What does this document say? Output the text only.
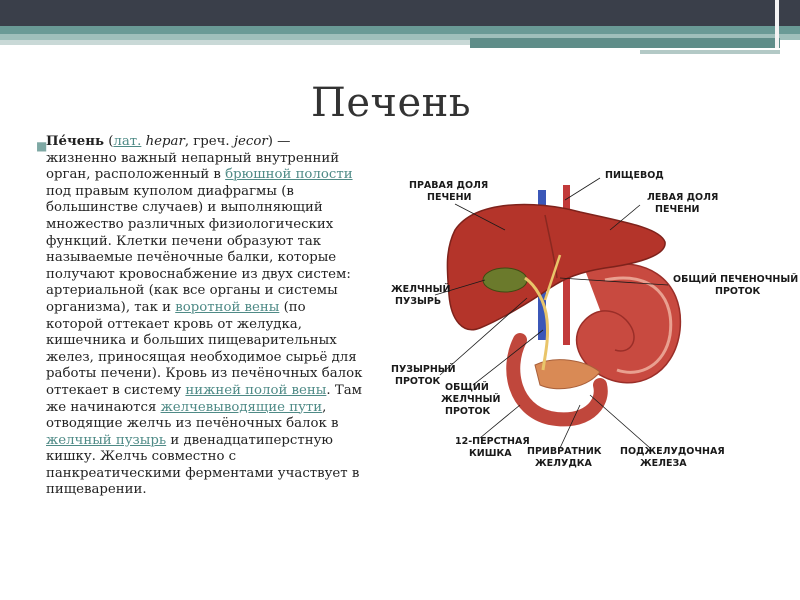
Печень
■
Пе́чень (лат. hepar, греч. jecor) — жизненно важный непарный внутренний орган, расположенный в брюшной полости под правым куполом диафрагмы (в большинстве случаев) и выполняющий множество различных физиологических функций. Клетки печени образуют так называемые печёночные балки, которые получают кровоснабжение из двух систем: артериальной (как все органы и системы организма), так и воротной вены (по которой оттекает кровь от желудка, кишечника и больших пищеварительных желез, приносящая необходимое сырьё для работы печени). Кровь из печёночных балок оттекает в систему нижней полой вены. Там же начинаются желчевыводящие пути, отводящие желчь из печёночных балок в желчный пузырь и двенадцатиперстную кишку. Желчь совместно с панкреатическими ферментами участвует в пищеварении.
ПРАВАЯ ДОЛЯ
ПЕЧЕНИ
ПИЩЕВОД
ЛЕВАЯ ДОЛЯ
ПЕЧЕНИ
ЖЕЛЧНЫЙ
ПУЗЫРЬ
ОБЩИЙ ПЕЧЕНОЧНЫЙ
ПРОТОК
ПУЗЫРНЫЙ
ПРОТОК
ОБЩИЙ
ЖЕЛЧНЫЙ
ПРОТОК
12-ПЕРСТНАЯ
КИШКА ПРИВРАТНИК
ЖЕЛУДКА
ПОДЖЕЛУДОЧНАЯ
ЖЕЛЕЗА
